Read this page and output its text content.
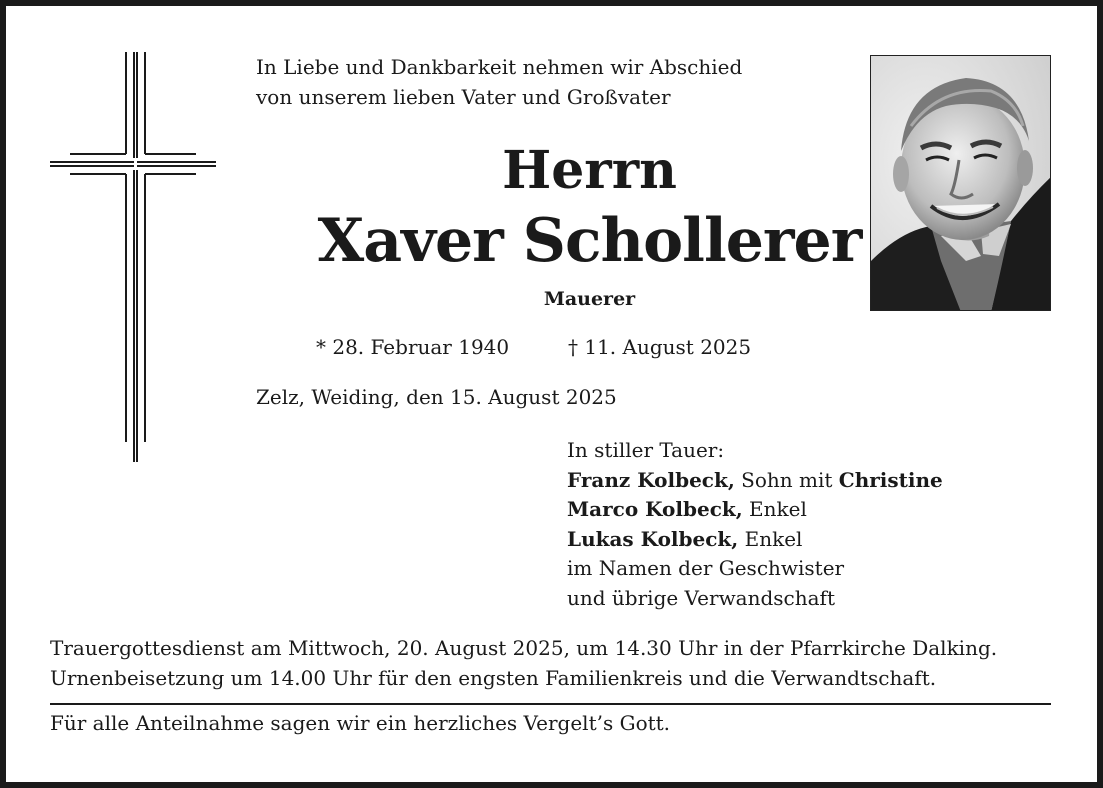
In Liebe und Dankbarkeit nehmen wir Abschied
von unserem lieben Vater und Großvater
Herrn
Xaver Schollerer
Mauerer
* 28. Februar 1940	† 11. August 2025
Zelz, Weiding, den 15. August 2025
In stiller Tauer:
Franz Kolbeck, Sohn mit Christine
Marco Kolbeck, Enkel
Lukas Kolbeck, Enkel
im Namen der Geschwister
und übrige Verwandschaft
Trauergottesdienst am Mittwoch, 20. August 2025, um 14.30 Uhr in der Pfarrkirche Dalking.
Urnenbeisetzung um 14.00 Uhr für den engsten Familienkreis und die Verwandtschaft.
Für alle Anteilnahme sagen wir ein herzliches Vergelt’s Gott.
